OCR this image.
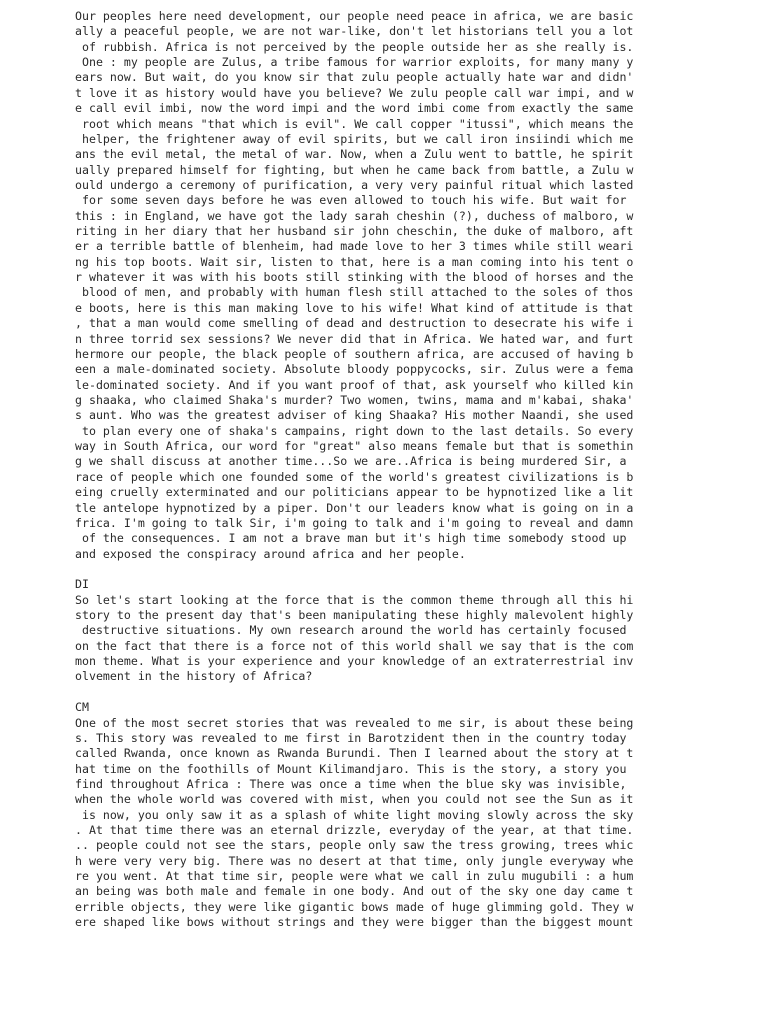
Our peoples here need development, our people need peace in africa, we are basic
ally a peaceful people, we are not war-like, don't let historians tell you a lot
of rubbish. Africa is not perceived by the people outside her as she really is.
One : my people are Zulus, a tribe famous for warrior exploits, for many many y
ears now. But wait, do you know sir that zulu people actually hate war and didn'
t love it as history would have you believe? We zulu people call war impi, and w
e call evil imbi, now the word impi and the word imbi come from exactly the same
root which means "that which is evil". We call copper "itussi", which means the
helper, the frightener away of evil spirits, but we call iron insiindi which me
ans the evil metal, the metal of war. Now, when a Zulu went to battle, he spirit
ually prepared himself for fighting, but when he came back from battle, a Zulu w
ould undergo a ceremony of purification, a very very painful ritual which lasted
for some seven days before he was even allowed to touch his wife. But wait for
this : in England, we have got the lady sarah cheshin (?), duchess of malboro, w
riting in her diary that her husband sir john cheschin, the duke of malboro, aft
er a terrible battle of blenheim, had made love to her 3 times while still weari
ng his top boots. Wait sir, listen to that, here is a man coming into his tent o
r whatever it was with his boots still stinking with the blood of horses and the
blood of men, and probably with human flesh still attached to the soles of thos
e boots, here is this man making love to his wife! What kind of attitude is that
, that a man would come smelling of dead and destruction to desecrate his wife i
n three torrid sex sessions? We never did that in Africa. We hated war, and furt
hermore our people, the black people of southern africa, are accused of having b
een a male-dominated society. Absolute bloody poppycocks, sir. Zulus were a fema
le-dominated society. And if you want proof of that, ask yourself who killed kin
g shaaka, who claimed Shaka's murder? Two women, twins, mama and m'kabai, shaka'
s aunt. Who was the greatest adviser of king Shaaka? His mother Naandi, she used
to plan every one of shaka's campains, right down to the last details. So every
way in South Africa, our word for "great" also means female but that is somethin
g we shall discuss at another time...So we are..Africa is being murdered Sir, a
race of people which one founded some of the world's greatest civilizations is b
eing cruelly exterminated and our politicians appear to be hypnotized like a lit
tle antelope hypnotized by a piper. Don't our leaders know what is going on in a
frica. I'm going to talk Sir, i'm going to talk and i'm going to reveal and damn
of the consequences. I am not a brave man but it's high time somebody stood up
and exposed the conspiracy around africa and her people.
DI
So let's start looking at the force that is the common theme through all this hi
story to the present day that's been manipulating these highly malevolent highly
destructive situations. My own research around the world has certainly focused
on the fact that there is a force not of this world shall we say that is the com
mon theme. What is your experience and your knowledge of an extraterrestrial inv
olvement in the history of Africa?
CM
One of the most secret stories that was revealed to me sir, is about these being
s. This story was revealed to me first in Barotzident then in the country today
called Rwanda, once known as Rwanda Burundi. Then I learned about the story at t
hat time on the foothills of Mount Kilimandjaro. This is the story, a story you
find throughout Africa : There was once a time when the blue sky was invisible,
when the whole world was covered with mist, when you could not see the Sun as it
is now, you only saw it as a splash of white light moving slowly across the sky
. At that time there was an eternal drizzle, everyday of the year, at that time.
.. people could not see the stars, people only saw the tress growing, trees whic
h were very very big. There was no desert at that time, only jungle everyway whe
re you went. At that time sir, people were what we call in zulu mugubili : a hum
an being was both male and female in one body. And out of the sky one day came t
errible objects, they were like gigantic bows made of huge glimming gold. They w
ere shaped like bows without strings and they were bigger than the biggest mount
